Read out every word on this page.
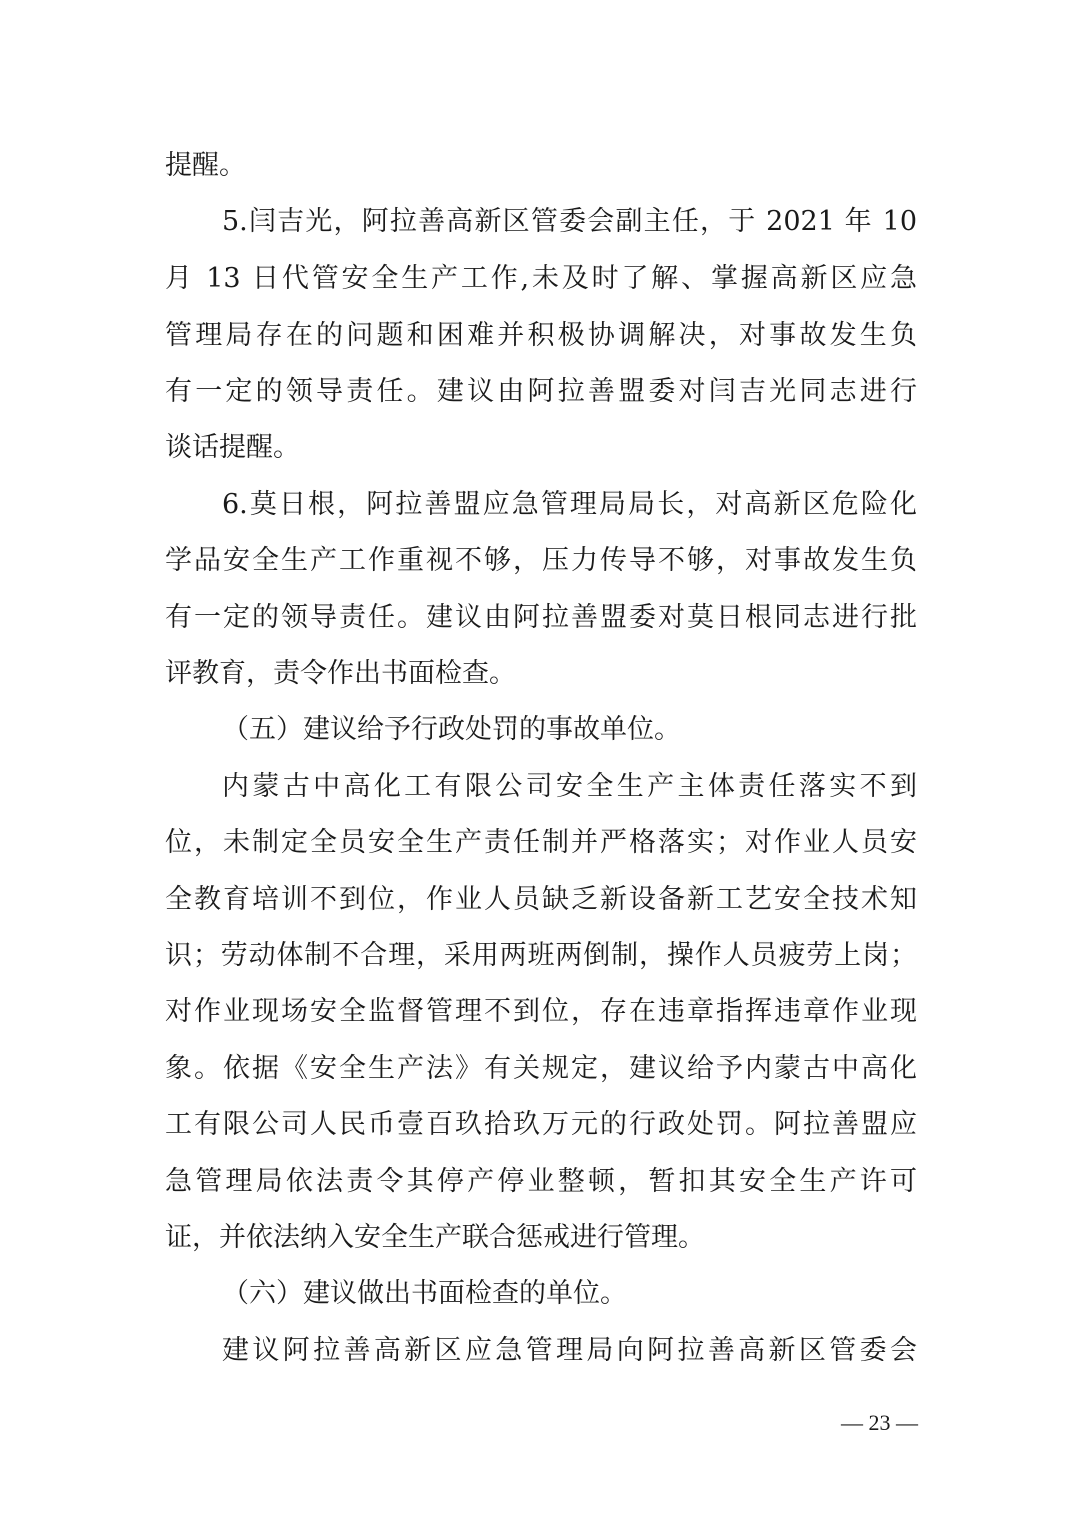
提醒。
5.闫吉光，阿拉善高新区管委会副主任，于 2021 年 10
月 13 日代管安全生产工作,未及时了解、掌握高新区应急
管理局存在的问题和困难并积极协调解决，对事故发生负
有一定的领导责任。建议由阿拉善盟委对闫吉光同志进行
谈话提醒。
6.莫日根，阿拉善盟应急管理局局长，对高新区危险化
学品安全生产工作重视不够，压力传导不够，对事故发生负
有一定的领导责任。建议由阿拉善盟委对莫日根同志进行批
评教育，责令作出书面检查。
（五）建议给予行政处罚的事故单位。
内蒙古中高化工有限公司安全生产主体责任落实不到
位，未制定全员安全生产责任制并严格落实；对作业人员安
全教育培训不到位，作业人员缺乏新设备新工艺安全技术知
识；劳动体制不合理，采用两班两倒制，操作人员疲劳上岗；
对作业现场安全监督管理不到位，存在违章指挥违章作业现
象。依据《安全生产法》有关规定，建议给予内蒙古中高化
工有限公司人民币壹百玖拾玖万元的行政处罚。阿拉善盟应
急管理局依法责令其停产停业整顿，暂扣其安全生产许可
证，并依法纳入安全生产联合惩戒进行管理。
（六）建议做出书面检查的单位。
建议阿拉善高新区应急管理局向阿拉善高新区管委会
— 23 —
